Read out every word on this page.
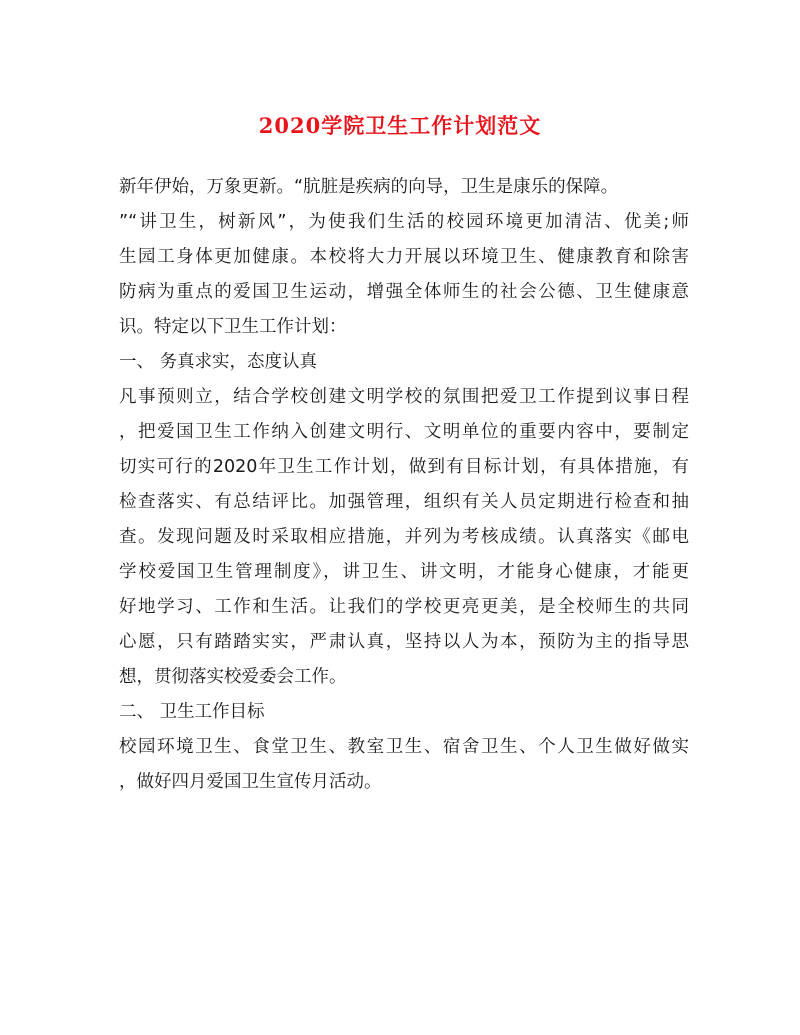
2020学院卫生工作计划范文
新年伊始，万象更新。“肮脏是疾病的向导，卫生是康乐的保障。
”“讲卫生，树新风”，为使我们生活的校园环境更加清洁、优美;师
生园工身体更加健康。本校将大力开展以环境卫生、健康教育和除害
防病为重点的爱国卫生运动，增强全体师生的社会公德、卫生健康意
识。特定以下卫生工作计划：
一、 务真求实，态度认真
凡事预则立，结合学校创建文明学校的氛围把爱卫工作提到议事日程
，把爱国卫生工作纳入创建文明行、文明单位的重要内容中，要制定
切实可行的2020年卫生工作计划，做到有目标计划，有具体措施，有
检查落实、有总结评比。加强管理，组织有关人员定期进行检查和抽
查。发现问题及时采取相应措施，并列为考核成绩。认真落实《邮电
学校爱国卫生管理制度》，讲卫生、讲文明，才能身心健康，才能更
好地学习、工作和生活。让我们的学校更亮更美，是全校师生的共同
心愿，只有踏踏实实，严肃认真，坚持以人为本，预防为主的指导思
想，贯彻落实校爱委会工作。
二、 卫生工作目标
校园环境卫生、食堂卫生、教室卫生、宿舍卫生、个人卫生做好做实
，做好四月爱国卫生宣传月活动。
